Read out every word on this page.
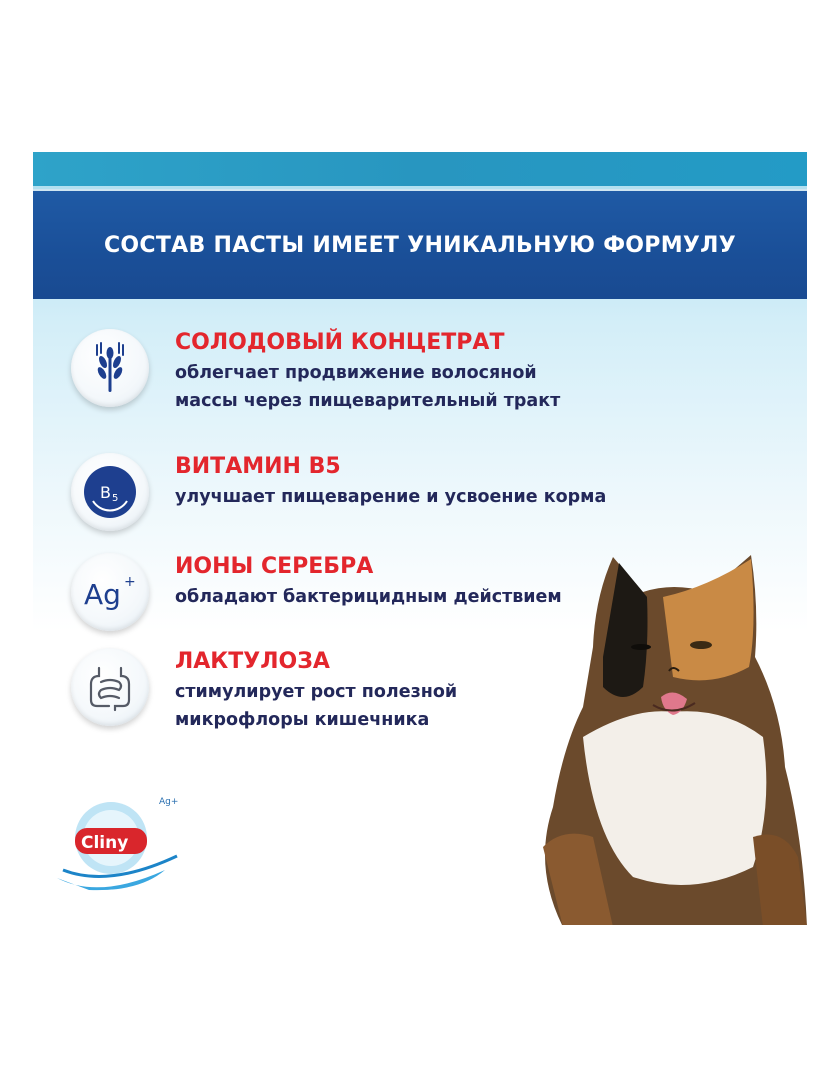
СОСТАВ ПАСТЫ ИМЕЕТ УНИКАЛЬНУЮ ФОРМУЛУ
СОЛОДОВЫЙ КОНЦЕТРАТ
облегчает продвижение волосяной
массы через пищеварительный тракт
B 5
ВИТАМИН В5
улучшает пищеварение и усвоение корма
Ag +
ИОНЫ СЕРЕБРА
обладают бактерицидным действием
ЛАКТУЛОЗА
стимулирует рост полезной
микрофлоры кишечника
Cliny
Ag+
